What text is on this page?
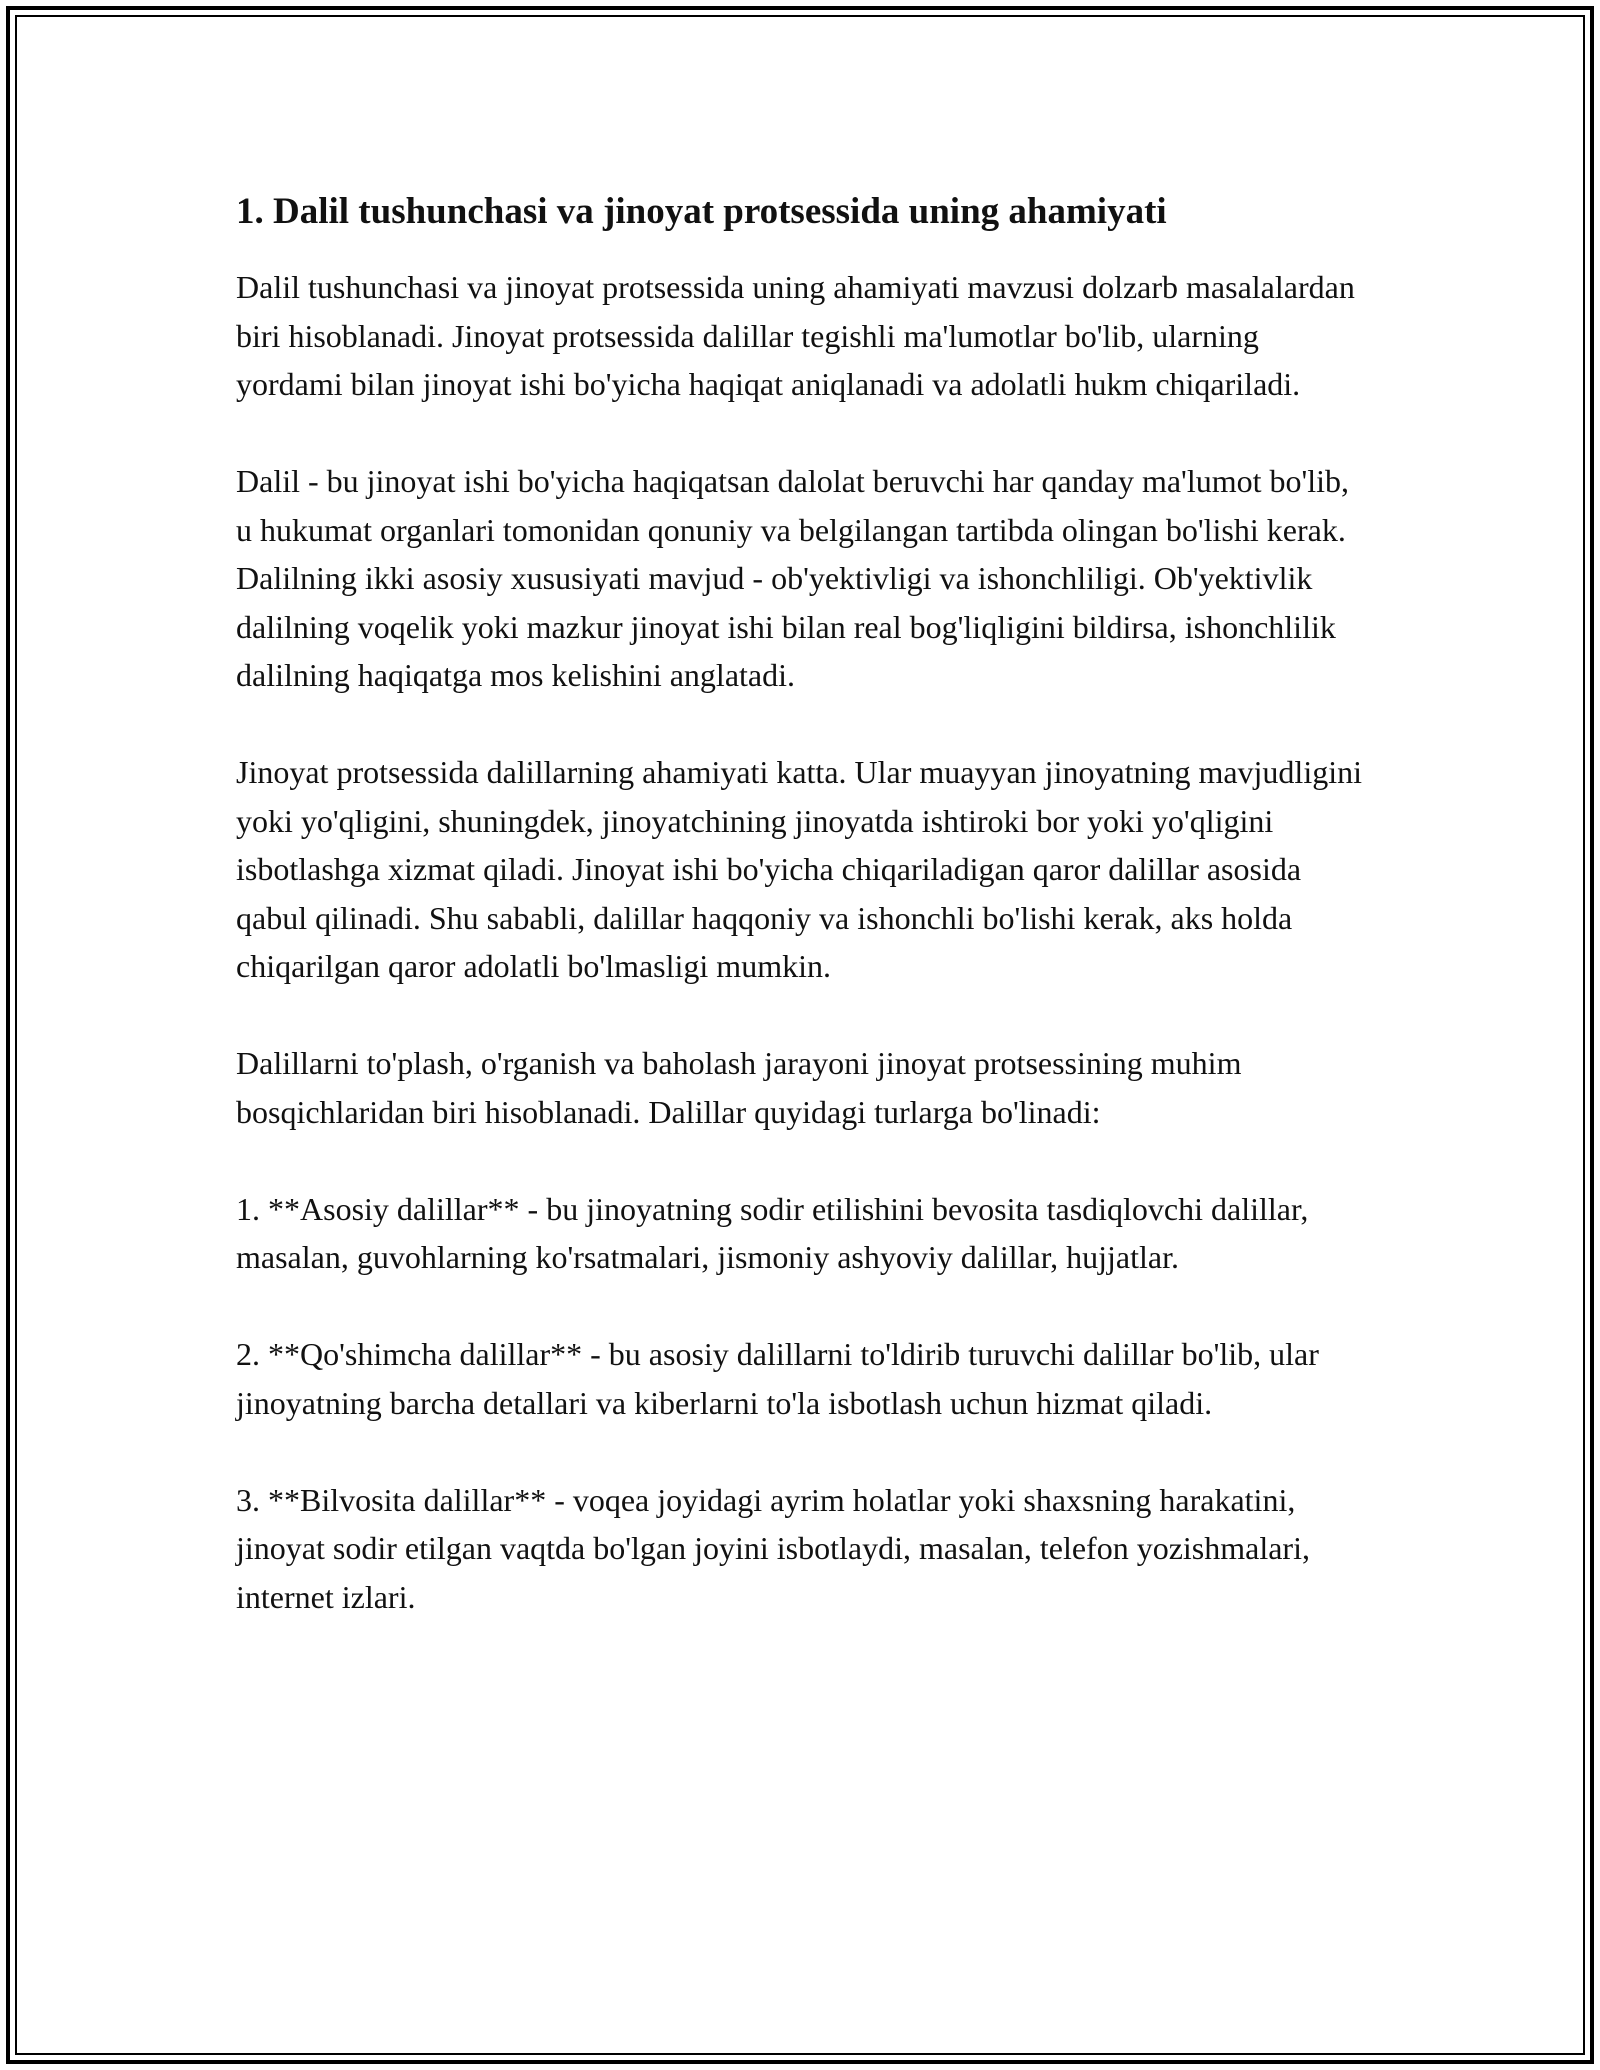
1. Dalil tushunchasi va jinoyat protsessida uning ahamiyati

Dalil tushunchasi va jinoyat protsessida uning ahamiyati mavzusi dolzarb masalalardan biri hisoblanadi. Jinoyat protsessida dalillar tegishli ma'lumotlar bo'lib, ularning yordami bilan jinoyat ishi bo'yicha haqiqat aniqlanadi va adolatli hukm chiqariladi.

Dalil - bu jinoyat ishi bo'yicha haqiqatsan dalolat beruvchi har qanday ma'lumot bo'lib, u hukumat organlari tomonidan qonuniy va belgilangan tartibda olingan bo'lishi kerak. Dalilning ikki asosiy xususiyati mavjud - ob'yektivligi va ishonchliligi. Ob'yektivlik dalilning voqelik yoki mazkur jinoyat ishi bilan real bog'liqligini bildirsa, ishonchlilik dalilning haqiqatga mos kelishini anglatadi.

Jinoyat protsessida dalillarning ahamiyati katta. Ular muayyan jinoyatning mavjudligini yoki yo'qligini, shuningdek, jinoyatchining jinoyatda ishtiroki bor yoki yo'qligini isbotlashga xizmat qiladi. Jinoyat ishi bo'yicha chiqariladigan qaror dalillar asosida qabul qilinadi. Shu sababli, dalillar haqqoniy va ishonchli bo'lishi kerak, aks holda chiqarilgan qaror adolatli bo'lmasligi mumkin.

Dalillarni to'plash, o'rganish va baholash jarayoni jinoyat protsessining muhim bosqichlaridan biri hisoblanadi. Dalillar quyidagi turlarga bo'linadi:

1. **Asosiy dalillar** - bu jinoyatning sodir etilishini bevosita tasdiqlovchi dalillar, masalan, guvohlarning ko'rsatmalari, jismoniy ashyoviy dalillar, hujjatlar.

2. **Qo'shimcha dalillar** - bu asosiy dalillarni to'ldirib turuvchi dalillar bo'lib, ular jinoyatning barcha detallari va kiberlarni to'la isbotlash uchun hizmat qiladi.

3. **Bilvosita dalillar** - voqea joyidagi ayrim holatlar yoki shaxsning harakatini, jinoyat sodir etilgan vaqtda bo'lgan joyini isbotlaydi, masalan, telefon yozishmalari, internet izlari.
